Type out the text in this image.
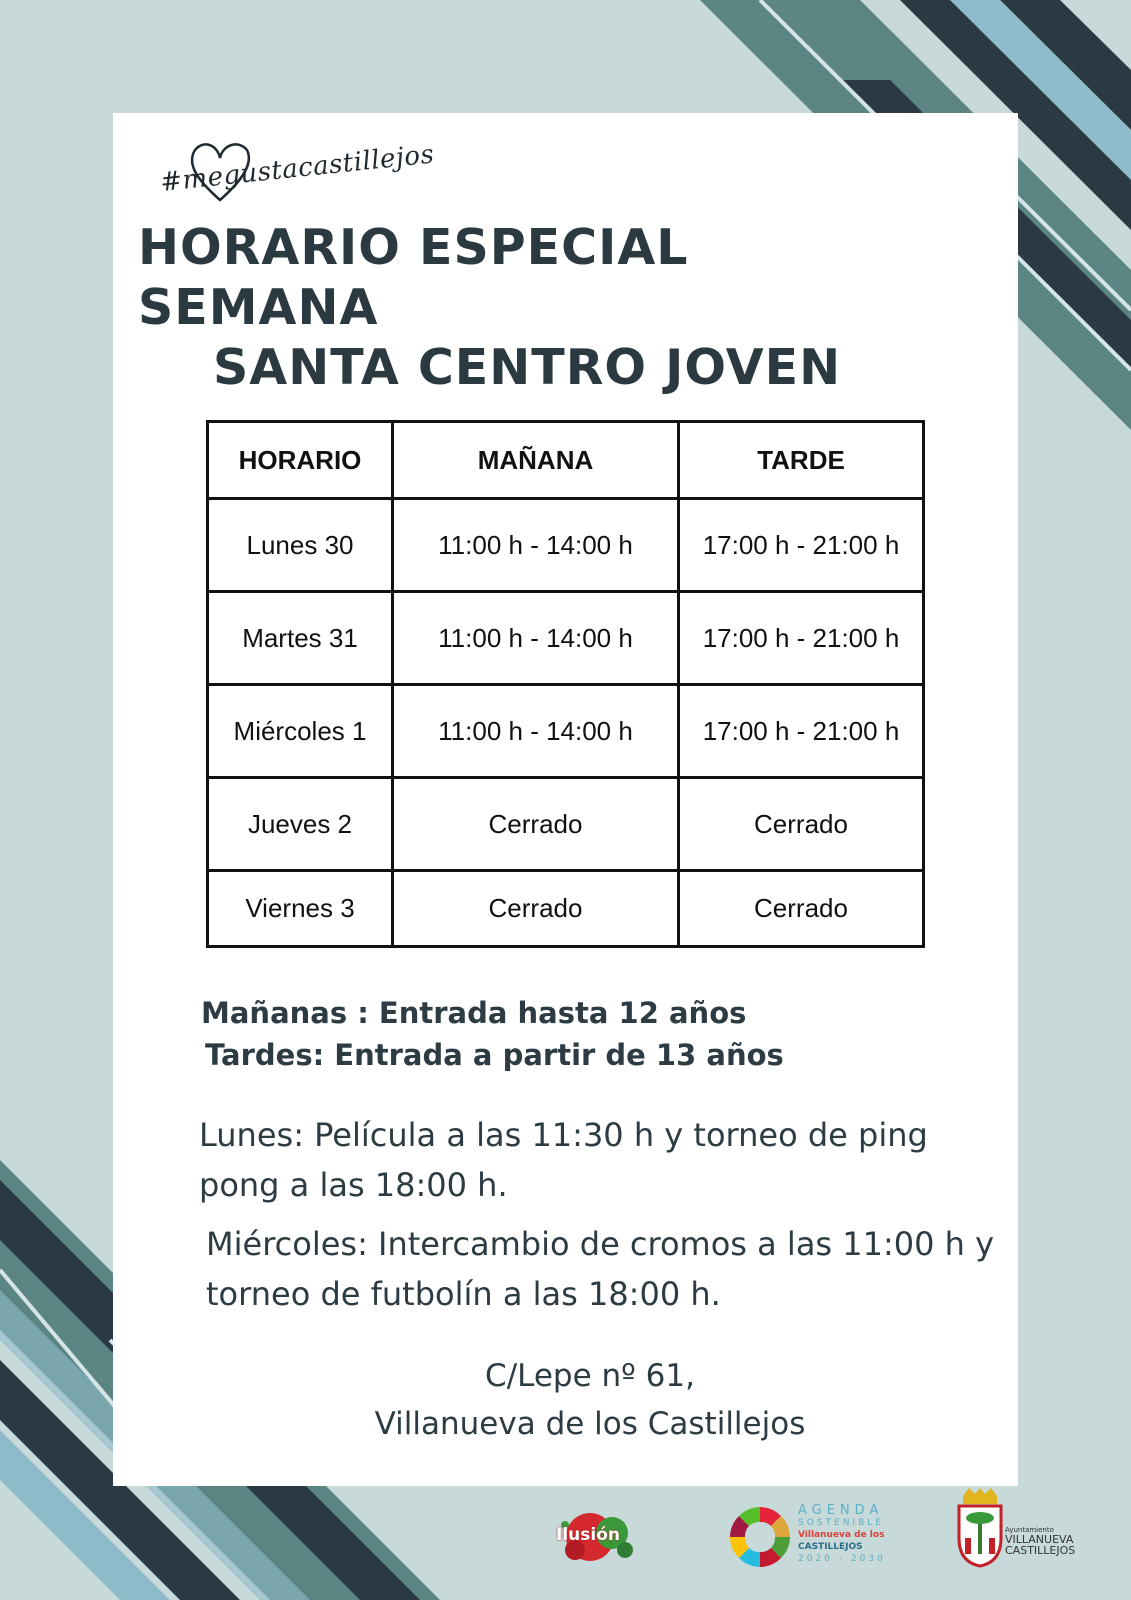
#megustacastillejos
HORARIO ESPECIAL SEMANA
SANTA CENTRO JOVEN
HORARIO	MAÑANA	TARDE
Lunes 30	11:00 h - 14:00 h	17:00 h - 21:00 h
Martes 31	11:00 h - 14:00 h	17:00 h - 21:00 h
Miércoles 1	11:00 h - 14:00 h	17:00 h - 21:00 h
Jueves 2	Cerrado	Cerrado
Viernes 3	Cerrado	Cerrado
Mañanas : Entrada hasta 12 años
Tardes: Entrada a partir de 13 años
Lunes: Película a las 11:30 h y torneo de ping pong a las 18:00 h.
Miércoles: Intercambio de cromos a las 11:00 h y torneo de futbolín a las 18:00 h.
C/Lepe nº 61,
Villanueva de los Castillejos
Ilusión
AGENDA
SOSTENIBLE
Villanueva de los
CASTILLEJOS
2020 - 2030
Ayuntamiento
VILLANUEVA
CASTILLEJOS
